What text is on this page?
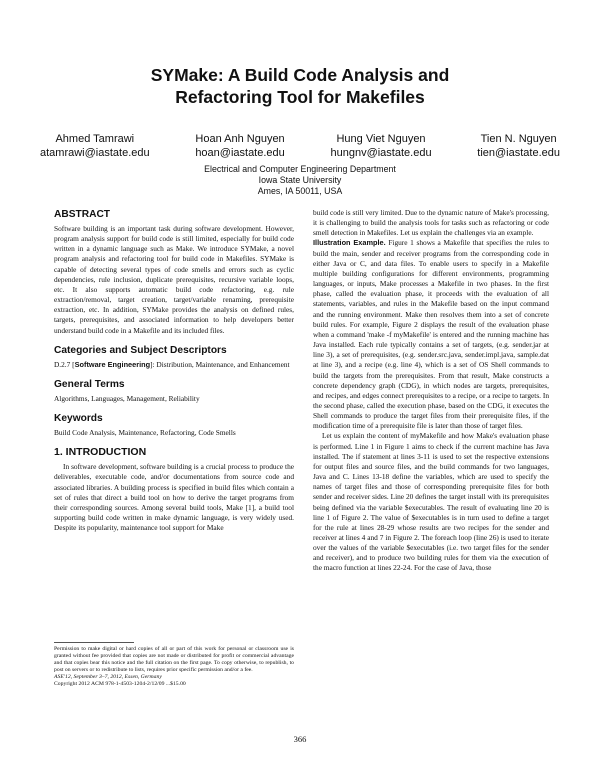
SYMake: A Build Code Analysis and
Refactoring Tool for Makefiles
Ahmed Tamrawi
atamrawi@iastate.edu
Hoan Anh Nguyen
hoan@iastate.edu
Hung Viet Nguyen
hungnv@iastate.edu
Tien N. Nguyen
tien@iastate.edu
Electrical and Computer Engineering Department
Iowa State University
Ames, IA 50011, USA
ABSTRACT

Software building is an important task during software development. However, program analysis support for build code is still limited, especially for build code written in a dynamic language such as Make. We introduce SYMake, a novel program analysis and refactoring tool for build code in Makefiles. SYMake is capable of detecting several types of code smells and errors such as cyclic dependencies, rule inclusion, duplicate prerequisites, recursive variable loops, etc. It also supports automatic build code refactoring, e.g. rule extraction/removal, target creation, target/variable renaming, prerequisite extraction, etc. In addition, SYMake provides the analysis on defined rules, targets, prerequisites, and associated information to help developers better understand build code in a Makefile and its included files.

Categories and Subject Descriptors

D.2.7 [Software Engineering]: Distribution, Maintenance, and Enhancement

General Terms

Algorithms, Languages, Management, Reliability

Keywords

Build Code Analysis, Maintenance, Refactoring, Code Smells

1. INTRODUCTION

In software development, software building is a crucial process to produce the deliverables, executable code, and/or documentations from source code and associated libraries. A building process is specified in build files which contain a set of rules that direct a build tool on how to derive the target programs from their corresponding sources. Among several build tools, Make [1], a build tool supporting build code written in make dynamic language, is very widely used. Despite its popularity, maintenance tool support for Make

Permission to make digital or hard copies of all or part of this work for personal or classroom use is granted without fee provided that copies are not made or distributed for profit or commercial advantage and that copies bear this notice and the full citation on the first page. To copy otherwise, to republish, to post on servers or to redistribute to lists, requires prior specific permission and/or a fee.
ASE'12, September 3–7, 2012, Essen, Germany
Copyright 2012 ACM 978-1-4503-1204-2/12/09 ...$15.00

build code is still very limited. Due to the dynamic nature of Make's processing, it is challenging to build the analysis tools for tasks such as refactoring or code smell detection in Makefiles. Let us explain the challenges via an example.

Illustration Example. Figure 1 shows a Makefile that specifies the rules to build the main, sender and receiver programs from the corresponding code in either Java or C, and data files. To enable users to specify in a Makefile multiple building configurations for different environments, programming languages, or inputs, Make processes a Makefile in two phases. In the first phase, called the evaluation phase, it proceeds with the evaluation of all statements, variables, and rules in the Makefile based on the input command and the running environment. Make then resolves them into a set of concrete build rules. For example, Figure 2 displays the result of the evaluation phase when a command 'make -f myMakefile' is entered and the running machine has Java installed. Each rule typically contains a set of targets, (e.g. sender.jar at line 3), a set of prerequisites, (e.g. sender.src.java, sender.impl.java, sample.dat at line 3), and a recipe (e.g. line 4), which is a set of OS Shell commands to build the targets from the prerequisites. From that result, Make constructs a concrete dependency graph (CDG), in which nodes are targets, prerequisites, and recipes, and edges connect prerequisites to a recipe, or a recipe to targets. In the second phase, called the execution phase, based on the CDG, it executes the Shell commands to produce the target files from their prerequisite files, if the modification time of a prerequisite file is later than those of target files.

Let us explain the content of myMakefile and how Make's evaluation phase is performed. Line 1 in Figure 1 aims to check if the current machine has Java installed. The if statement at lines 3-11 is used to set the respective extensions for output files and source files, and the build commands for two languages, Java and C. Lines 13-18 define the variables, which are used to specify the names of target files and those of corresponding prerequisite files for both sender and receiver sides. Line 20 defines the target install with its prerequisites being defined via the variable $executables. The result of evaluating line 20 is line 1 of Figure 2. The value of $executables is in turn used to define a target for the rule at lines 28-29 whose results are two recipes for the sender and receiver at lines 4 and 7 in Figure 2. The foreach loop (line 26) is used to iterate over the values of the variable $executables (i.e. two target files for the sender and receiver), and to produce two building rules for them via the execution of the macro function at lines 22-24. For the case of Java, those

366
